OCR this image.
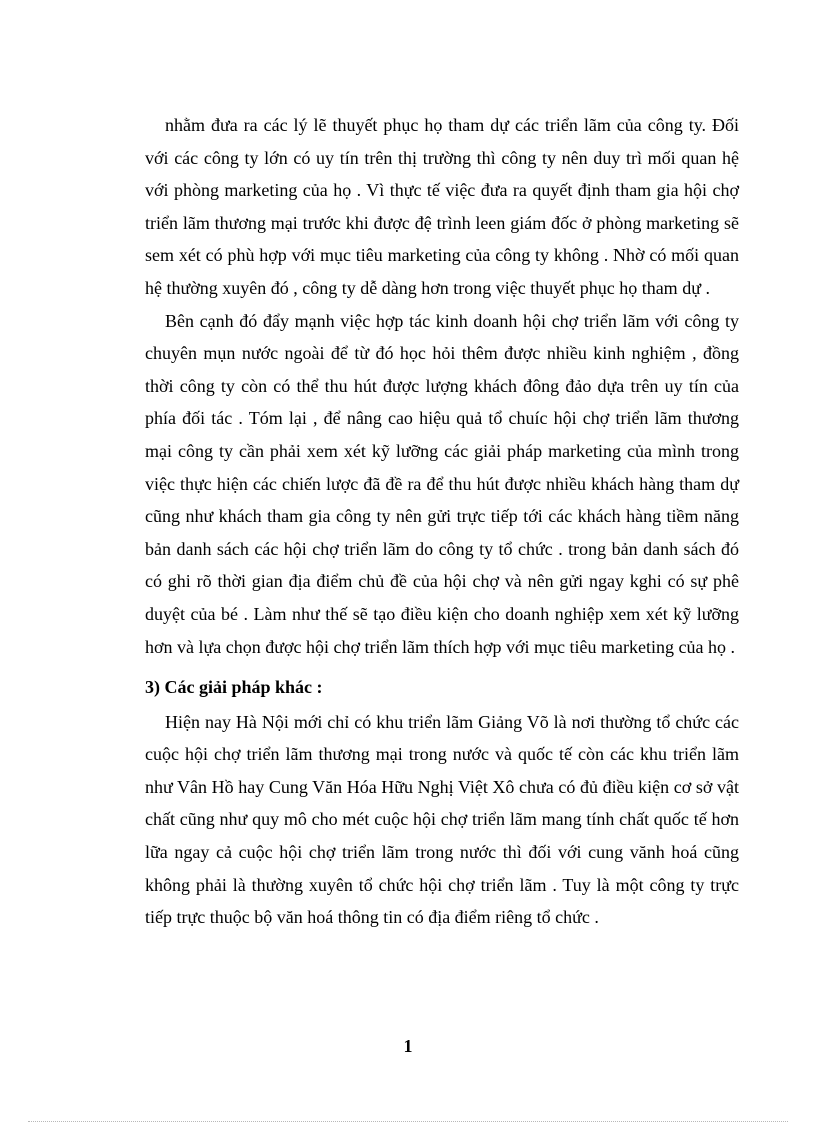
nhằm đưa ra các lý lẽ thuyết phục họ tham dự các triển lãm của công ty. Đối với các công ty lớn có uy tín trên thị trường thì công ty nên duy trì mối quan hệ với phòng marketing của họ . Vì thực tế việc đưa ra quyết định tham gia hội chợ triển lãm thương mại trước khi được đệ trình leen giám đốc ở phòng marketing sẽ sem xét có phù hợp với mục tiêu marketing của công ty không . Nhờ có mối quan hệ thường xuyên đó , công ty dễ dàng hơn trong việc thuyết phục họ tham dự .

Bên cạnh đó đẩy mạnh việc hợp tác kinh doanh hội chợ triển lãm với công ty chuyên mụn nước ngoài để từ đó học hỏi thêm được nhiều kinh nghiệm , đồng thời công ty còn có thể thu hút được lượng khách đông đảo dựa trên uy tín của phía đối tác . Tóm lại , để nâng cao hiệu quả tổ chuíc hội chợ triển lãm thương mại công ty cần phải xem xét kỹ lưỡng các giải pháp marketing của mình trong việc thực hiện các chiến lược đã đề ra để thu hút được nhiều khách hàng tham dự cũng như khách tham gia công ty nên gửi trực tiếp tới các khách hàng tiềm năng bản danh sách các hội chợ triển lãm do công ty tổ chức . trong bản danh sách đó có ghi rõ thời gian địa điểm chủ đề của hội chợ và nên gửi ngay kghi có sự phê duyệt của bé . Làm như thế sẽ tạo điều kiện cho doanh nghiệp xem xét kỹ lưỡng hơn và lựa chọn được hội chợ triển lãm thích hợp với mục tiêu marketing của họ .

3) Các giải pháp khác :

Hiện nay Hà Nội mới chỉ có khu triển lãm Giảng Võ là nơi thường tổ chức các cuộc hội chợ triển lãm thương mại trong nước và quốc tế còn các khu triển lãm như Vân Hồ hay Cung Văn Hóa Hữu Nghị Việt Xô chưa có đủ điều kiện cơ sở vật chất cũng như quy mô cho mét cuộc hội chợ triển lãm mang tính chất quốc tế hơn lữa ngay cả cuộc hội chợ triển lãm trong nước thì đối với cung vănh hoá cũng không phải là thường xuyên tổ chức hội chợ triển lãm . Tuy là một công ty trực tiếp trực thuộc bộ văn hoá thông tin có địa điểm riêng tổ chức .

1
